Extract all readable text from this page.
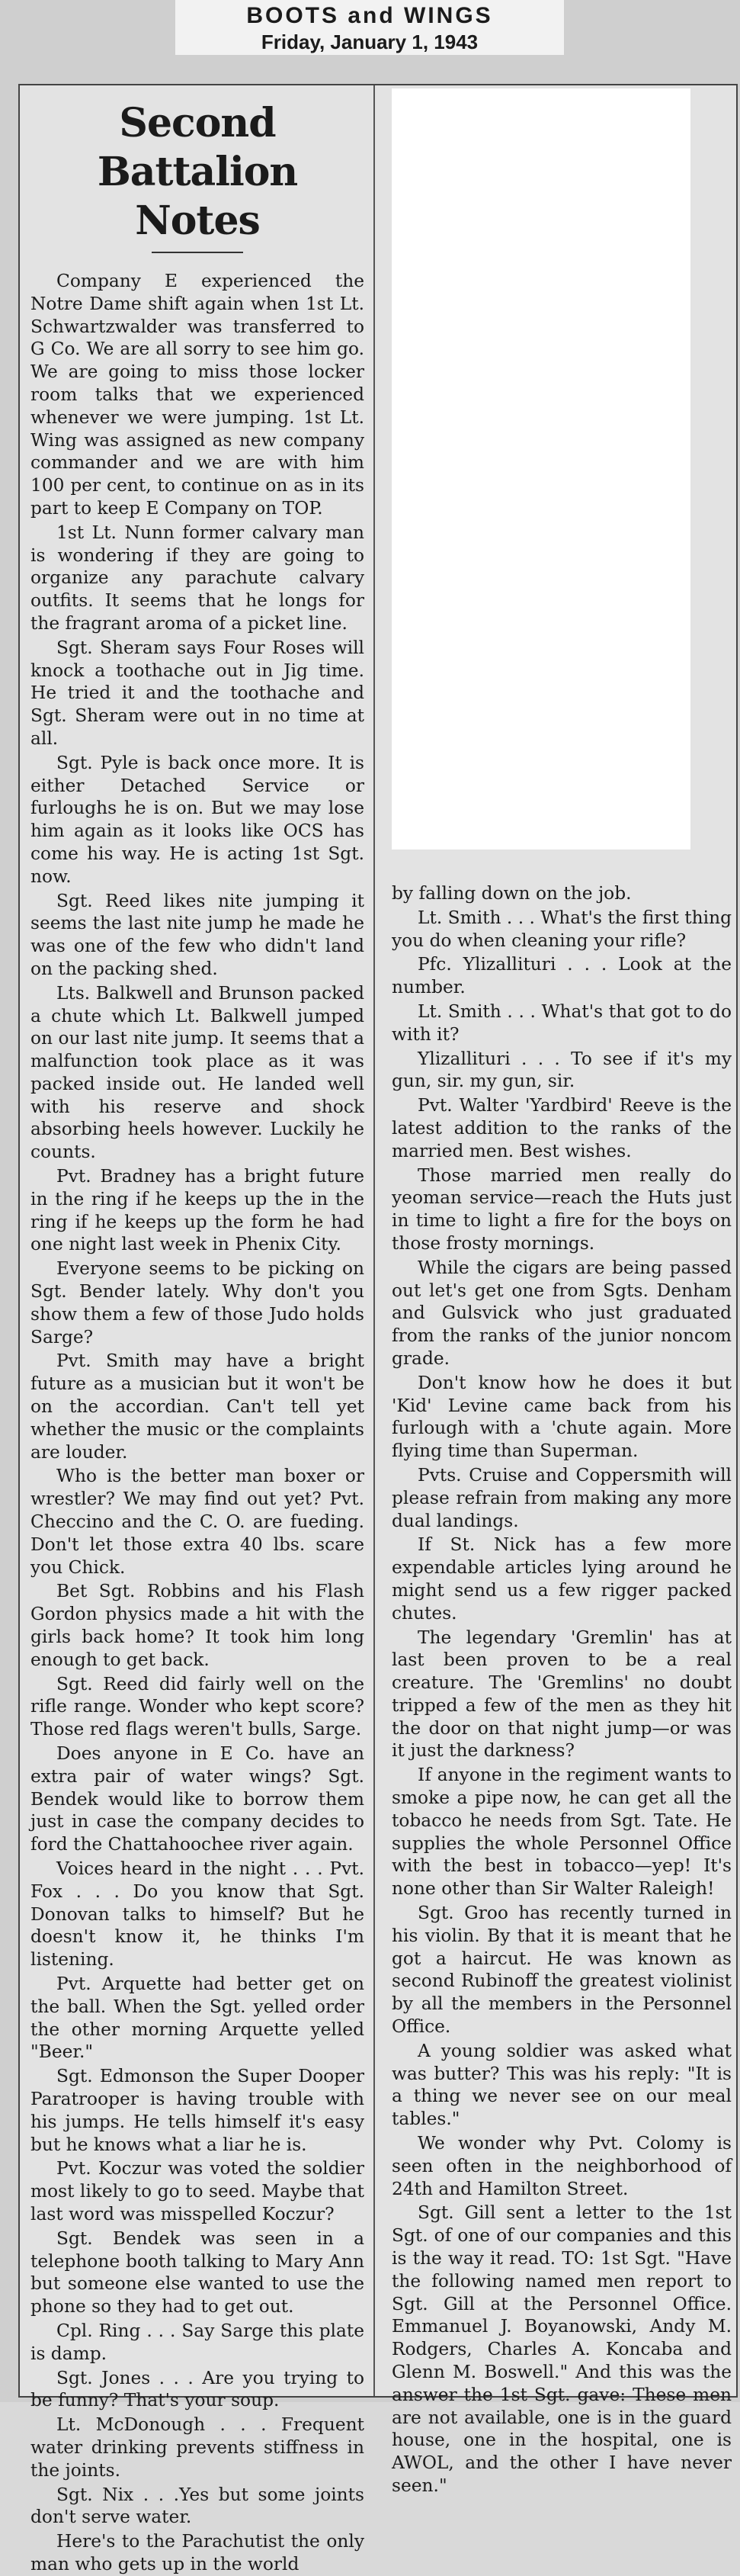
BOOTS and WINGS
Friday, January 1, 1943
Second Battalion
Notes

Company E experienced the Notre Dame shift again when 1st Lt. Schwartzwalder was transferred to G Co. We are all sorry to see him go. We are going to miss those locker room talks that we experienced whenever we were jumping. 1st Lt. Wing was assigned as new company commander and we are with him 100 per cent, to continue on as in its part to keep E Company on TOP.

1st Lt. Nunn former calvary man is wondering if they are going to organize any parachute calvary outfits. It seems that he longs for the fragrant aroma of a picket line.

Sgt. Sheram says Four Roses will knock a toothache out in Jig time. He tried it and the toothache and Sgt. Sheram were out in no time at all.

Sgt. Pyle is back once more. It is either Detached Service or furloughs he is on. But we may lose him again as it looks like OCS has come his way. He is acting 1st Sgt. now.

Sgt. Reed likes nite jumping it seems the last nite jump he made he was one of the few who didn't land on the packing shed.

Lts. Balkwell and Brunson packed a chute which Lt. Balkwell jumped on our last nite jump. It seems that a malfunction took place as it was packed inside out. He landed well with his reserve and shock absorbing heels however. Luckily he counts.

Pvt. Bradney has a bright future in the ring if he keeps up the in the ring if he keeps up the form he had one night last week in Phenix City.

Everyone seems to be picking on Sgt. Bender lately. Why don't you show them a few of those Judo holds Sarge?

Pvt. Smith may have a bright future as a musician but it won't be on the accordian. Can't tell yet whether the music or the complaints are louder.

Who is the better man boxer or wrestler? We may find out yet? Pvt. Checcino and the C. O. are fueding. Don't let those extra 40 lbs. scare you Chick.

Bet Sgt. Robbins and his Flash Gordon physics made a hit with the girls back home? It took him long enough to get back.

Sgt. Reed did fairly well on the rifle range. Wonder who kept score? Those red flags weren't bulls, Sarge.

Does anyone in E Co. have an extra pair of water wings? Sgt. Bendek would like to borrow them just in case the company decides to ford the Chattahoochee river again.

Voices heard in the night . . . Pvt. Fox . . . Do you know that Sgt. Donovan talks to himself? But he doesn't know it, he thinks I'm listening.

Pvt. Arquette had better get on the ball. When the Sgt. yelled order the other morning Arquette yelled "Beer."

Sgt. Edmonson the Super Dooper Paratrooper is having trouble with his jumps. He tells himself it's easy but he knows what a liar he is.

Pvt. Koczur was voted the soldier most likely to go to seed. Maybe that last word was misspelled Koczur?

Sgt. Bendek was seen in a telephone booth talking to Mary Ann but someone else wanted to use the phone so they had to get out.

Cpl. Ring . . . Say Sarge this plate is damp.

Sgt. Jones . . . Are you trying to be funny? That's your soup.

Lt. McDonough . . . Frequent water drinking prevents stiffness in the joints.

Sgt. Nix . . .Yes but some joints don't serve water.

Here's to the Parachutist the only man who gets up in the world

by falling down on the job.

Lt. Smith . . . What's the first thing you do when cleaning your rifle?

Pfc. Ylizallituri . . . Look at the number.

Lt. Smith . . . What's that got to do with it?

Ylizallituri . . . To see if it's my gun, sir. my gun, sir.

Pvt. Walter 'Yardbird' Reeve is the latest addition to the ranks of the married men. Best wishes.

Those married men really do yeoman service—reach the Huts just in time to light a fire for the boys on those frosty mornings.

While the cigars are being passed out let's get one from Sgts. Denham and Gulsvick who just graduated from the ranks of the junior noncom grade.

Don't know how he does it but 'Kid' Levine came back from his furlough with a 'chute again. More flying time than Superman.

Pvts. Cruise and Coppersmith will please refrain from making any more dual landings.

If St. Nick has a few more expendable articles lying around he might send us a few rigger packed chutes.

The legendary 'Gremlin' has at last been proven to be a real creature. The 'Gremlins' no doubt tripped a few of the men as they hit the door on that night jump—or was it just the darkness?

If anyone in the regiment wants to smoke a pipe now, he can get all the tobacco he needs from Sgt. Tate. He supplies the whole Personnel Office with the best in tobacco—yep! It's none other than Sir Walter Raleigh!

Sgt. Groo has recently turned in his violin. By that it is meant that he got a haircut. He was known as second Rubinoff the greatest violinist by all the members in the Personnel Office.

A young soldier was asked what was butter? This was his reply: "It is a thing we never see on our meal tables."

We wonder why Pvt. Colomy is seen often in the neighborhood of 24th and Hamilton Street.

Sgt. Gill sent a letter to the 1st Sgt. of one of our companies and this is the way it read. TO: 1st Sgt. "Have the following named men report to Sgt. Gill at the Personnel Office. Emmanuel J. Boyanowski, Andy M. Rodgers, Charles A. Koncaba and Glenn M. Boswell." And this was the answer the 1st Sgt. gave: These men are not available, one is in the guard house, one in the hospital, one is AWOL, and the other I have never seen."
